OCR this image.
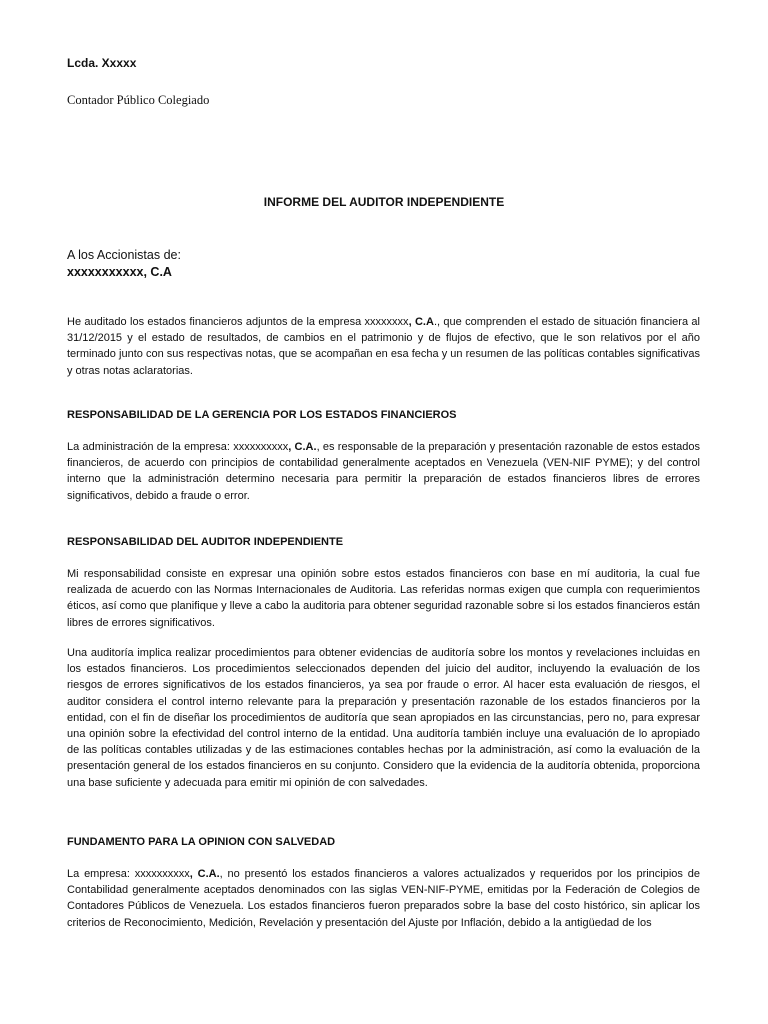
Lcda. Xxxxx
Contador Público Colegiado
INFORME DEL AUDITOR INDEPENDIENTE
A los Accionistas de:
xxxxxxxxxxx, C.A

He auditado los estados financieros adjuntos de la empresa xxxxxxxx, C.A., que comprenden el estado de situación financiera al 31/12/2015 y el estado de resultados, de cambios en el patrimonio y de flujos de efectivo, que le son relativos por el año terminado junto con sus respectivas notas, que se acompañan en esa fecha y un resumen de las políticas contables significativas y otras notas aclaratorias.

RESPONSABILIDAD DE LA GERENCIA POR LOS ESTADOS FINANCIEROS

La administración de la empresa: xxxxxxxxxx, C.A., es responsable de la preparación y presentación razonable de estos estados financieros, de acuerdo con principios de contabilidad generalmente aceptados en Venezuela (VEN-NIF PYME); y del control interno que la administración determino necesaria para permitir la preparación de estados financieros libres de errores significativos, debido a fraude o error.

RESPONSABILIDAD DEL AUDITOR INDEPENDIENTE

Mi responsabilidad consiste en expresar una opinión sobre estos estados financieros con base en mí auditoria, la cual fue realizada de acuerdo con las Normas Internacionales de Auditoria. Las referidas normas exigen que cumpla con requerimientos éticos, así como que planifique y lleve a cabo la auditoria para obtener seguridad razonable sobre si los estados financieros están libres de errores significativos.

Una auditoría implica realizar procedimientos para obtener evidencias de auditoría sobre los montos y revelaciones incluidas en los estados financieros. Los procedimientos seleccionados dependen del juicio del auditor, incluyendo la evaluación de los riesgos de errores significativos de los estados financieros, ya sea por fraude o error. Al hacer esta evaluación de riesgos, el auditor considera el control interno relevante para la preparación y presentación razonable de los estados financieros por la entidad, con el fin de diseñar los procedimientos de auditoría que sean apropiados en las circunstancias, pero no, para expresar una opinión sobre la efectividad del control interno de la entidad. Una auditoría también incluye una evaluación de lo apropiado de las políticas contables utilizadas y de las estimaciones contables hechas por la administración, así como la evaluación de la presentación general de los estados financieros en su conjunto. Considero que la evidencia de la auditoría obtenida, proporciona una base suficiente y adecuada para emitir mi opinión de con salvedades.

FUNDAMENTO PARA LA OPINION CON SALVEDAD

La empresa: xxxxxxxxxx, C.A., no presentó los estados financieros a valores actualizados y requeridos por los principios de Contabilidad generalmente aceptados denominados con las siglas VEN-NIF-PYME, emitidas por la Federación de Colegios de Contadores Públicos de Venezuela. Los estados financieros fueron preparados sobre la base del costo histórico, sin aplicar los criterios de Reconocimiento, Medición, Revelación y presentación del Ajuste por Inflación, debido a la antigüedad de los
